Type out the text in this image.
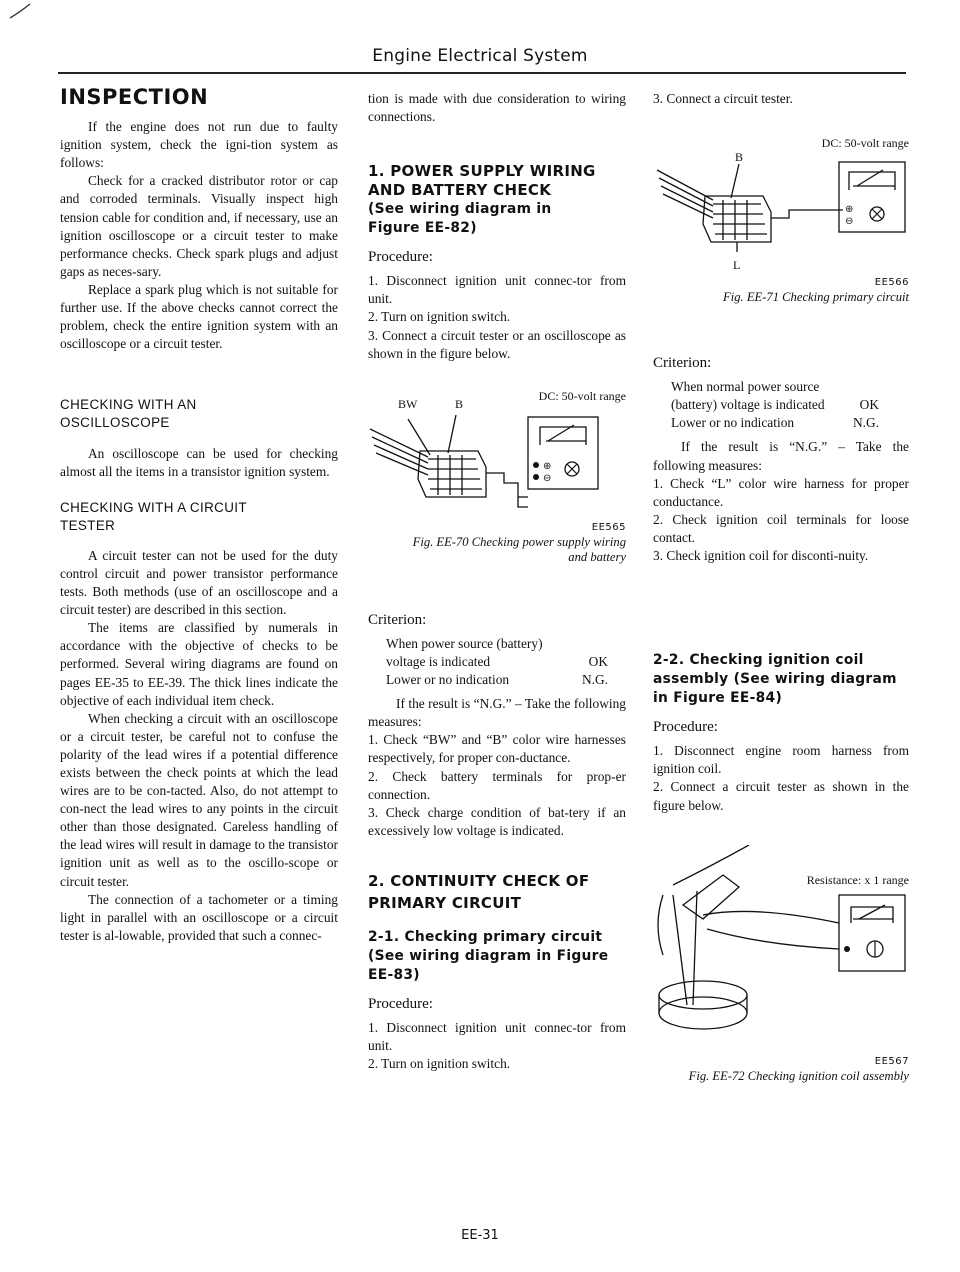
Engine Electrical System
INSPECTION

If the engine does not run due to faulty ignition system, check the igni-tion system as follows:

Check for a cracked distributor rotor or cap and corroded terminals. Visually inspect high tension cable for condition and, if necessary, use an ignition oscilloscope or a circuit tester to make performance checks. Check spark plugs and adjust gaps as neces-sary.

Replace a spark plug which is not suitable for further use. If the above checks cannot correct the problem, check the entire ignition system with an oscilloscope or a circuit tester.

CHECKING WITH AN OSCILLOSCOPE

An oscilloscope can be used for checking almost all the items in a transistor ignition system.

CHECKING WITH A CIRCUIT TESTER

A circuit tester can not be used for the duty control circuit and power transistor performance tests. Both methods (use of an oscilloscope and a circuit tester) are described in this section.

The items are classified by numerals in accordance with the objective of checks to be performed. Several wiring diagrams are found on pages EE-35 to EE-39. The thick lines indicate the objective of each individual item check.

When checking a circuit with an oscilloscope or a circuit tester, be careful not to confuse the polarity of the lead wires if a potential difference exists between the check points at which the lead wires are to be con-tacted. Also, do not attempt to con-nect the lead wires to any points in the circuit other than those designated. Careless handling of the lead wires will result in damage to the transistor ignition unit as well as to the oscillo-scope or circuit tester.

The connection of a tachometer or a timing light in parallel with an oscilloscope or a circuit tester is al-lowable, provided that such a connec-

tion is made with due consideration to wiring connections.

1. POWER SUPPLY WIRING AND BATTERY CHECK
(See wiring diagram in Figure EE-82)
Procedure:

1. Disconnect ignition unit connec-tor from unit.

2. Turn on ignition switch.

3. Connect a circuit tester or an oscilloscope as shown in the figure below.

DC: 50-volt range
BW	B
⊕
⊖
EE565
Fig. EE-70 Checking power supply wiring and battery
Criterion:
When power source (battery)
voltage is indicated	OK
Lower or no indication	N.G.

If the result is “N.G.” – Take the following measures:

1. Check “BW” and “B” color wire harnesses respectively, for proper con-ductance.

2. Check battery terminals for prop-er connection.

3. Check charge condition of bat-tery if an excessively low voltage is indicated.

2. CONTINUITY CHECK OF PRIMARY CIRCUIT
2-1. Checking primary circuit (See wiring diagram in Figure EE-83)
Procedure:

1. Disconnect ignition unit connec-tor from unit.

2. Turn on ignition switch.

3. Connect a circuit tester.

DC: 50-volt range
B
⊕
⊖
L
EE566
Fig. EE-71 Checking primary circuit
Criterion:
When normal power source
(battery) voltage is indicated	OK
Lower or no indication	N.G.

If the result is “N.G.” – Take the following measures:

1. Check “L” color wire harness for proper conductance.

2. Check ignition coil terminals for loose contact.

3. Check ignition coil for disconti-nuity.

2-2. Checking ignition coil assembly (See wiring diagram in Figure EE-84)
Procedure:

1. Disconnect engine room harness from ignition coil.

2. Connect a circuit tester as shown in the figure below.

Resistance: x 1 range
EE567
Fig. EE-72 Checking ignition coil assembly
EE-31
